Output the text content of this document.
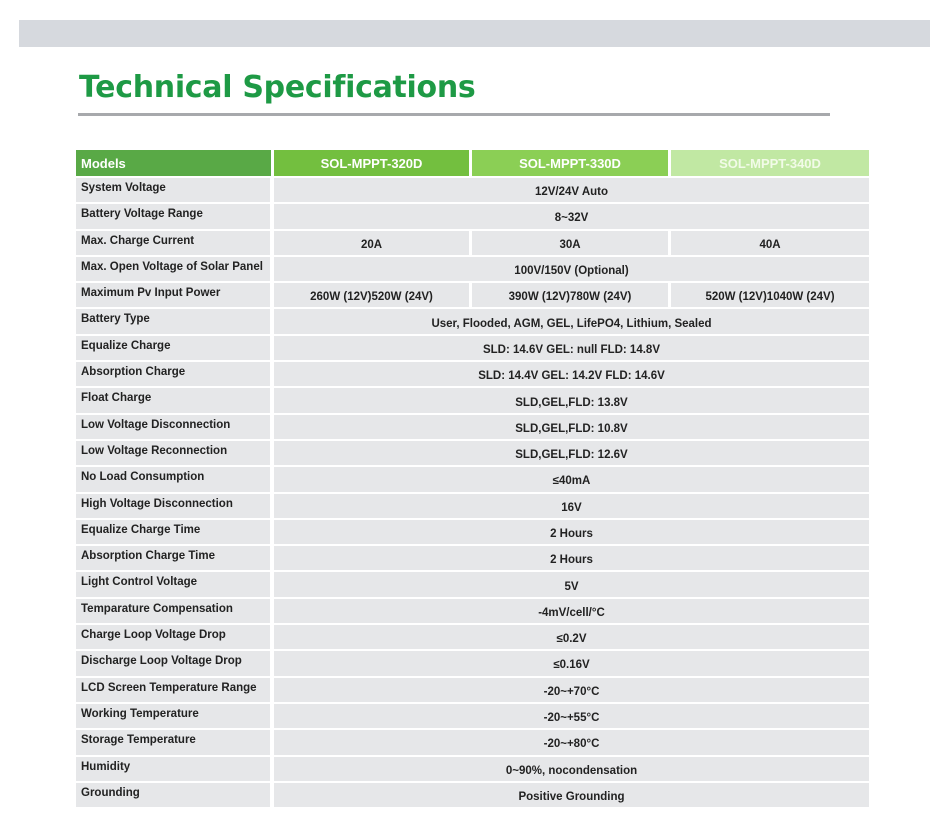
Technical Specifications
Models	SOL-MPPT-320D	SOL-MPPT-330D	SOL-MPPT-340D
System Voltage	12V/24V Auto		
Battery Voltage Range	8~32V		
Max. Charge Current	20A	30A	40A
Max. Open Voltage of Solar Panel	100V/150V (Optional)		
Maximum Pv Input Power	260W (12V)520W (24V)	390W (12V)780W (24V)	520W (12V)1040W (24V)
Battery Type	User, Flooded, AGM, GEL, LifePO4, Lithium, Sealed		
Equalize Charge	SLD: 14.6V GEL: null FLD: 14.8V		
Absorption Charge	SLD: 14.4V GEL: 14.2V FLD: 14.6V		
Float Charge	SLD,GEL,FLD: 13.8V		
Low Voltage Disconnection	SLD,GEL,FLD: 10.8V		
Low Voltage Reconnection	SLD,GEL,FLD: 12.6V		
No Load Consumption	≤40mA		
High Voltage Disconnection	16V		
Equalize Charge Time	2 Hours		
Absorption Charge Time	2 Hours		
Light Control Voltage	5V		
Temparature Compensation	-4mV/cell/°C		
Charge Loop Voltage Drop	≤0.2V		
Discharge Loop Voltage Drop	≤0.16V		
LCD Screen Temperature Range	-20~+70°C		
Working Temperature	-20~+55°C		
Storage Temperature	-20~+80°C		
Humidity	0~90%, nocondensation		
Grounding	Positive Grounding		
